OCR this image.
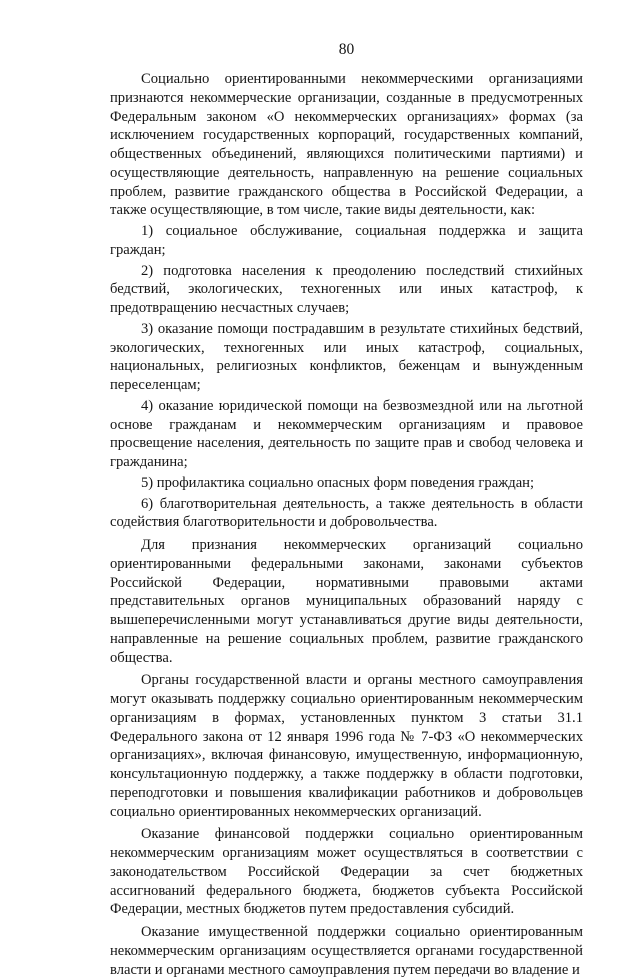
80

Социально ориентированными некоммерческими организациями признаются некоммерческие организации, созданные в предусмотренных Федеральным законом «О некоммерческих организациях» формах (за исключением государственных корпораций, государственных компаний, общественных объединений, являющихся политическими партиями) и осуществляющие деятельность, направленную на решение социальных проблем, развитие гражданского общества в Российской Федерации, а также осуществляющие, в том числе, такие виды деятельности, как:

1) социальное обслуживание, социальная поддержка и защита граждан;

2) подготовка населения к преодолению последствий стихийных бедствий, экологических, техногенных или иных катастроф, к предотвращению несчастных случаев;

3) оказание помощи пострадавшим в результате стихийных бедствий, экологических, техногенных или иных катастроф, социальных, национальных, религиозных конфликтов, беженцам и вынужденным переселенцам;

4) оказание юридической помощи на безвозмездной или на льготной основе гражданам и некоммерческим организациям и правовое просвещение населения, деятельность по защите прав и свобод человека и гражданина;

5) профилактика социально опасных форм поведения граждан;

6) благотворительная деятельность, а также деятельность в области содействия благотворительности и добровольчества.

Для признания некоммерческих организаций социально ориентированными федеральными законами, законами субъектов Российской Федерации, нормативными правовыми актами представительных органов муниципальных образований наряду с вышеперечисленными могут устанавливаться другие виды деятельности, направленные на решение социальных проблем, развитие гражданского общества.

Органы государственной власти и органы местного самоуправления могут оказывать поддержку социально ориентированным некоммерческим организациям в формах, установленных пунктом 3 статьи 31.1 Федерального закона от 12 января 1996 года № 7-ФЗ «О некоммерческих организациях», включая финансовую, имущественную, информационную, консультационную поддержку, а также поддержку в области подготовки, переподготовки и повышения квалификации работников и добровольцев социально ориентированных некоммерческих организаций.

Оказание финансовой поддержки социально ориентированным некоммерческим организациям может осуществляться в соответствии с законодательством Российской Федерации за счет бюджетных ассигнований федерального бюджета, бюджетов субъекта Российской Федерации, местных бюджетов путем предоставления субсидий.

Оказание имущественной поддержки социально ориентированным некоммерческим организациям осуществляется органами государственной власти и органами местного самоуправления путем передачи во владение и
